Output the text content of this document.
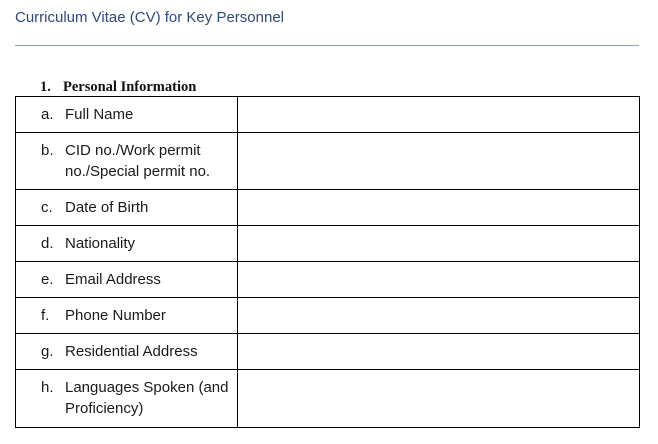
Curriculum Vitae (CV) for Key Personnel
1. Personal Information
a. Full Name	

b. CID no./Work permit no./Special permit no.	

c. Date of Birth	

d. Nationality	

e. Email Address	

f. Phone Number	

g. Residential Address	

h. Languages Spoken (and Proficiency)	
